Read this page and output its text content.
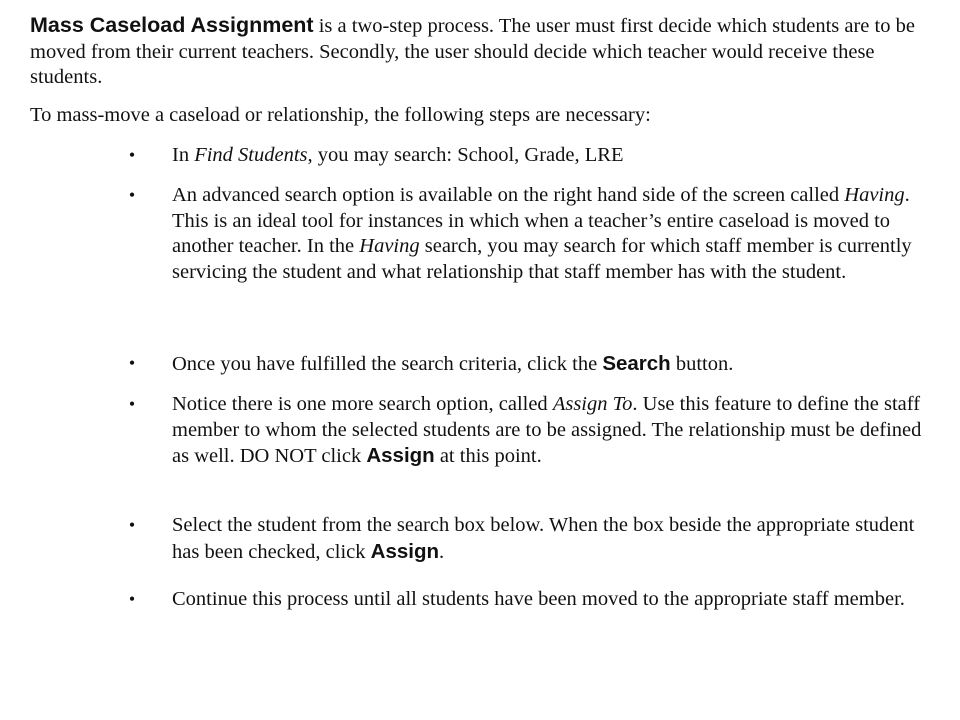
Mass Caseload Assignment is a two-step process. The user must first decide which students are to be moved from their current teachers. Secondly, the user should decide which teacher would receive these students.

To mass-move a caseload or relationship, the following steps are necessary:

• In Find Students, you may search: School, Grade, LRE
• An advanced search option is available on the right hand side of the screen called Having. This is an ideal tool for instances in which when a teacher’s entire caseload is moved to another teacher. In the Having search, you may search for which staff member is currently servicing the student and what relationship that staff member has with the student.
• Once you have fulfilled the search criteria, click the Search button.
• Notice there is one more search option, called Assign To. Use this feature to define the staff member to whom the selected students are to be assigned. The relationship must be defined as well. DO NOT click Assign at this point.
• Select the student from the search box below. When the box beside the appropriate student has been checked, click Assign.
• Continue this process until all students have been moved to the appropriate staff member.
